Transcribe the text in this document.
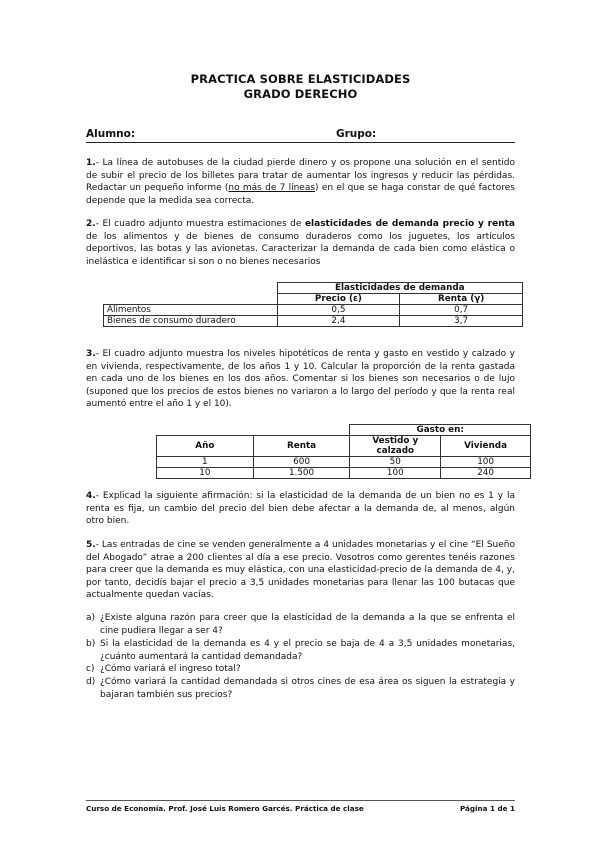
PRACTICA SOBRE ELASTICIDADES
GRADO DERECHO
Alumno:	Grupo:
1.- La línea de autobuses de la ciudad pierde dinero y os propone una solución en el sentido de subir el precio de los billetes para tratar de aumentar los ingresos y reducir las pérdidas. Redactar un pequeño informe (no más de 7 líneas) en el que se haga constar de qué factores depende que la medida sea correcta.
2.- El cuadro adjunto muestra estimaciones de elasticidades de demanda precio y renta de los alimentos y de bienes de consumo duraderos como los juguetes, los artículos deportivos, las botas y las avionetas. Caracterizar la demanda de cada bien como elástica o inelástica e identificar si son o no bienes necesarios
	Elasticidades de demanda	
	Precio (ε)	Renta (γ)
Alimentos	0,5	0,7
Bienes de consumo duradero	2,4	3,7
3.- El cuadro adjunto muestra los niveles hipotéticos de renta y gasto en vestido y calzado y en vivienda, respectivamente, de los años 1 y 10. Calcular la proporción de la renta gastada en cada uno de los bienes en los dos años. Comentar si los bienes son necesarios o de lujo (suponed que los precios de estos bienes no variaron a lo largo del período y que la renta real aumentó entre el año 1 y el 10).
		Gasto en:	
Año	Renta	Vestido y calzado	Vivienda
1	600	50	100
10	1.500	100	240
4.- Explicad la siguiente afirmación: si la elasticidad de la demanda de un bien no es 1 y la renta es fija, un cambio del precio del bien debe afectar a la demanda de, al menos, algún otro bien.
5.- Las entradas de cine se venden generalmente a 4 unidades monetarias y el cine “El Sueño del Abogado” atrae a 200 clientes al día a ese precio. Vosotros como gerentes tenéis razones para creer que la demanda es muy elástica, con una elasticidad-precio de la demanda de 4, y, por tanto, decidís bajar el precio a 3,5 unidades monetarias para llenar las 100 butacas que actualmente quedan vacías.
a) ¿Existe alguna razón para creer que la elasticidad de la demanda a la que se enfrenta el cine pudiera llegar a ser 4?
b) Si la elasticidad de la demanda es 4 y el precio se baja de 4 a 3,5 unidades monetarias, ¿cuánto aumentará la cantidad demandada?
c) ¿Cómo variará el ingreso total?
d) ¿Cómo variará la cantidad demandada si otros cines de esa área os siguen la estrategia y bajaran también sus precios?
Curso de Economía. Prof. José Luis Romero Garcés. Práctica de clase	Página 1 de 1
